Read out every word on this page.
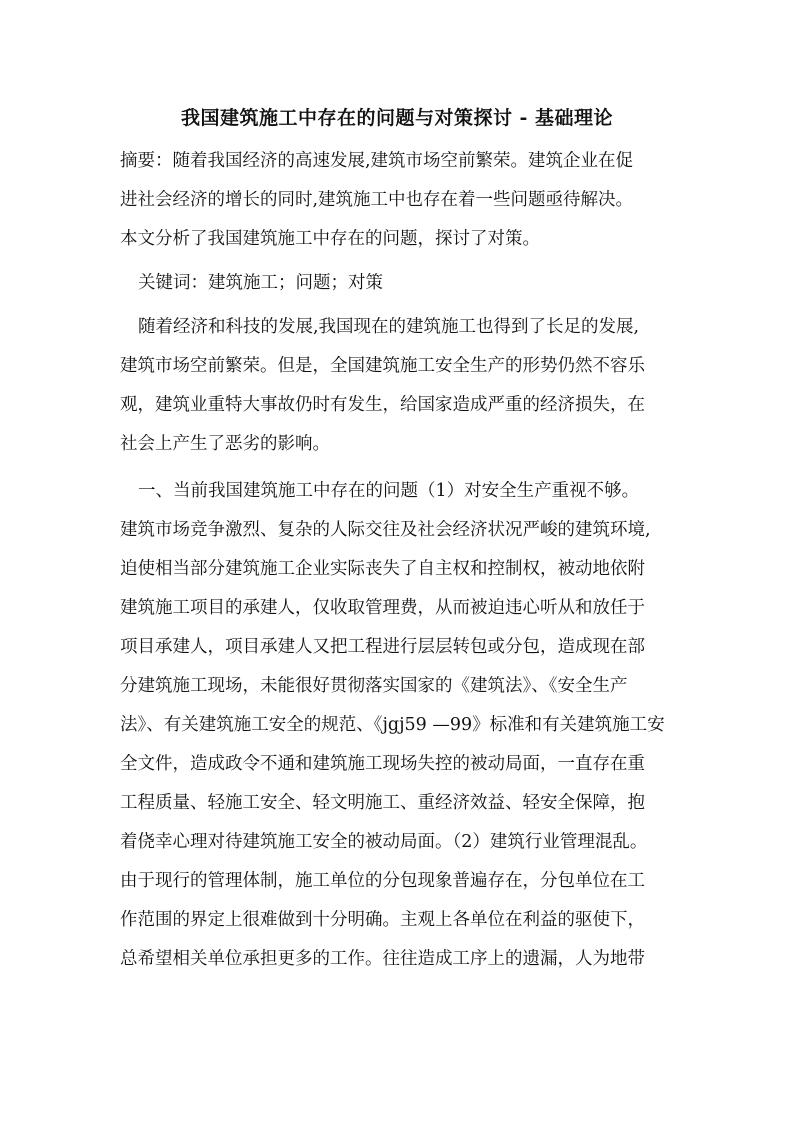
我国建筑施工中存在的问题与对策探讨 - 基础理论
摘要：随着我国经济的高速发展,建筑市场空前繁荣。建筑企业在促
进社会经济的增长的同时,建筑施工中也存在着一些问题亟待解决。
本文分析了我国建筑施工中存在的问题，探讨了对策。
关键词：建筑施工；问题；对策
随着经济和科技的发展,我国现在的建筑施工也得到了长足的发展,
建筑市场空前繁荣。但是，全国建筑施工安全生产的形势仍然不容乐
观，建筑业重特大事故仍时有发生，给国家造成严重的经济损失，在
社会上产生了恶劣的影响。
一、当前我国建筑施工中存在的问题（1）对安全生产重视不够。
建筑市场竞争激烈、复杂的人际交往及社会经济状况严峻的建筑环境,
迫使相当部分建筑施工企业实际丧失了自主权和控制权，被动地依附
建筑施工项目的承建人，仅收取管理费，从而被迫违心听从和放任于
项目承建人，项目承建人又把工程进行层层转包或分包，造成现在部
分建筑施工现场，未能很好贯彻落实国家的《建筑法》、《安全生产
法》、有关建筑施工安全的规范、《jgj59 —99》标准和有关建筑施工安
全文件，造成政令不通和建筑施工现场失控的被动局面，一直存在重
工程质量、轻施工安全、轻文明施工、重经济效益、轻安全保障，抱
着侥幸心理对待建筑施工安全的被动局面。（2）建筑行业管理混乱。
由于现行的管理体制，施工单位的分包现象普遍存在，分包单位在工
作范围的界定上很难做到十分明确。主观上各单位在利益的驱使下，
总希望相关单位承担更多的工作。往往造成工序上的遗漏，人为地带
